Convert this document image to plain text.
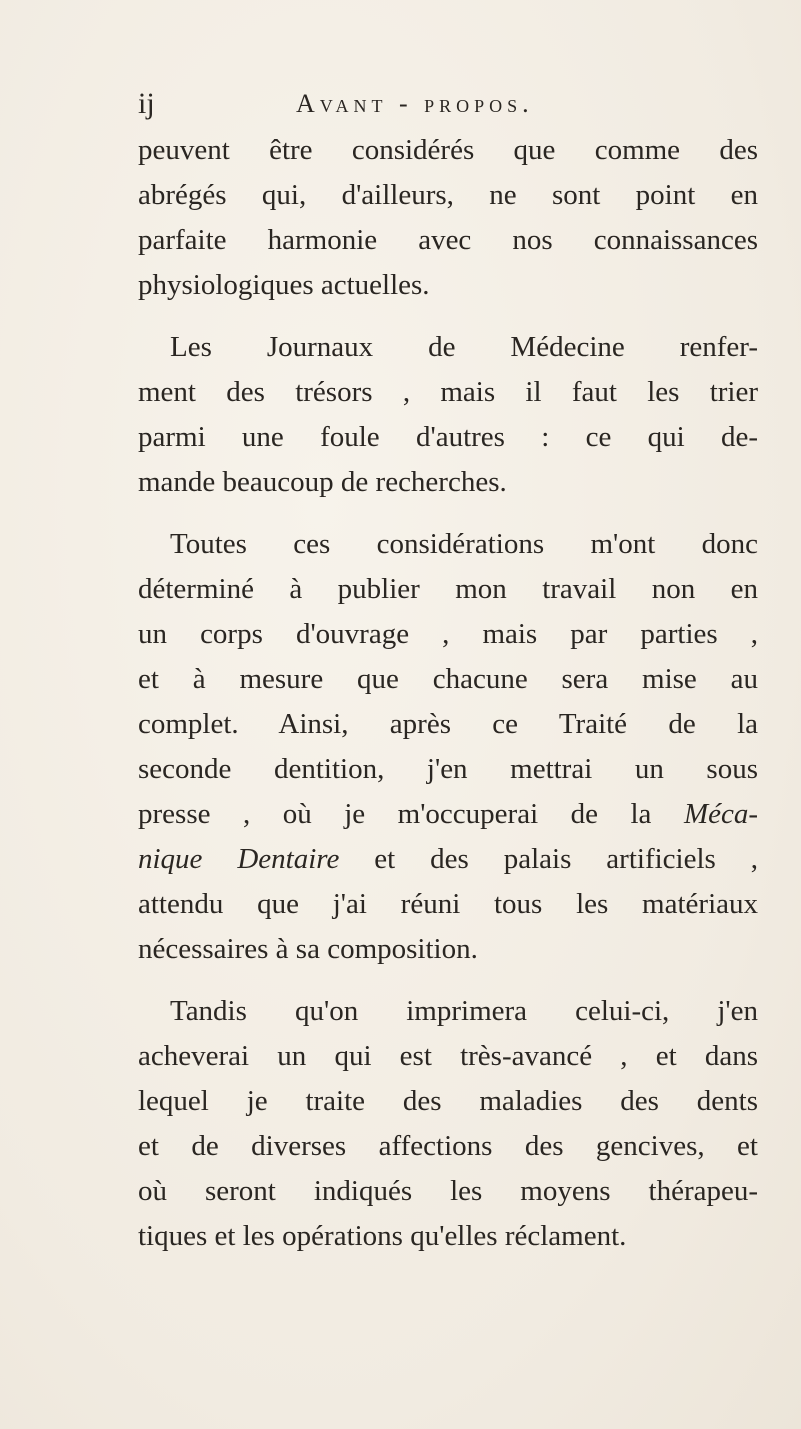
ij	Avant - propos.
peuvent être considérés que comme des
abrégés qui, d'ailleurs, ne sont point en
parfaite harmonie avec nos connaissances
physiologiques actuelles.
Les Journaux de Médecine renfer-
ment des trésors , mais il faut les trier
parmi une foule d'autres : ce qui de-
mande beaucoup de recherches.
Toutes ces considérations m'ont donc
déterminé à publier mon travail non en
un corps d'ouvrage , mais par parties ,
et à mesure que chacune sera mise au
complet. Ainsi, après ce Traité de la
seconde dentition, j'en mettrai un sous
presse , où je m'occuperai de la Méca-
nique Dentaire et des palais artificiels ,
attendu que j'ai réuni tous les matériaux
nécessaires à sa composition.
Tandis qu'on imprimera celui-ci, j'en
acheverai un qui est très-avancé , et dans
lequel je traite des maladies des dents
et de diverses affections des gencives, et
où seront indiqués les moyens thérapeu-
tiques et les opérations qu'elles réclament.
